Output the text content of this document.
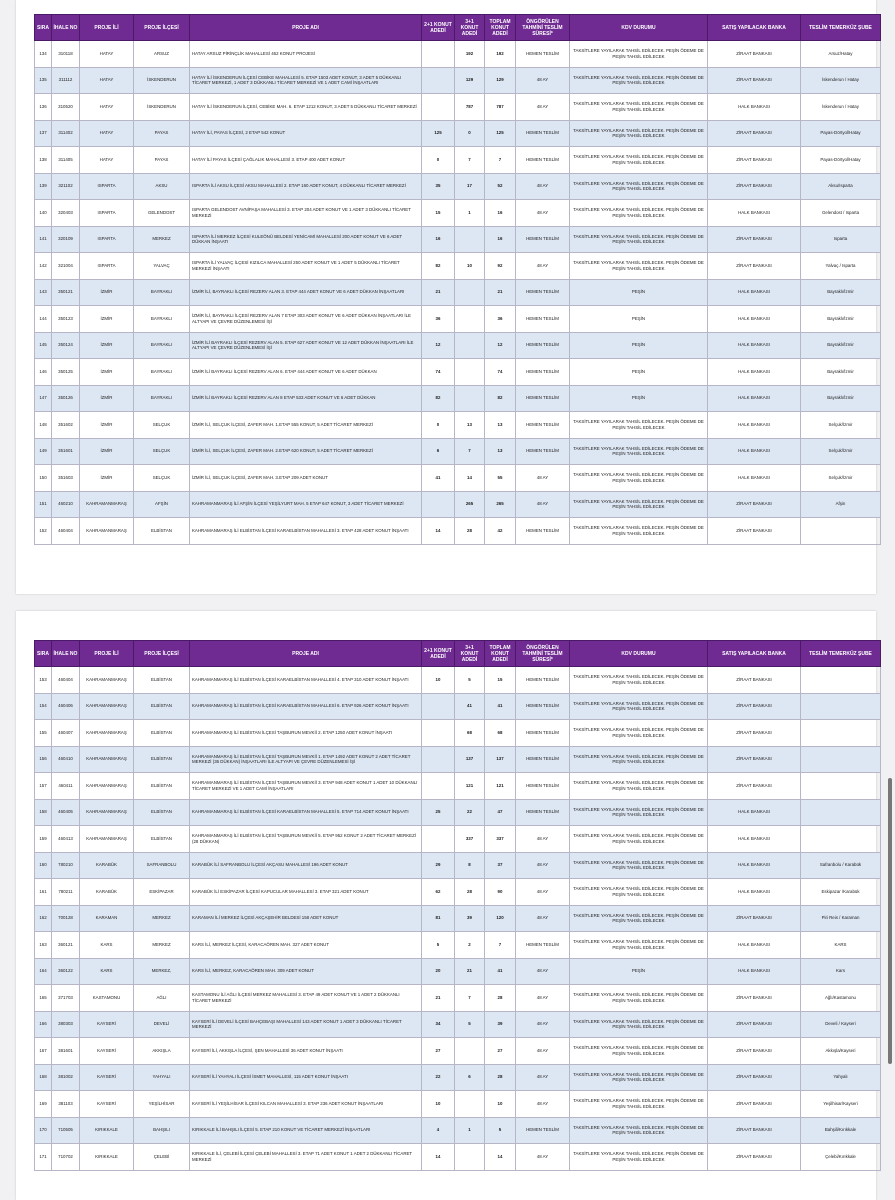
SIRA	İHALE NO	PROJE İLİ	PROJE İLÇESİ	PROJE ADI	2+1 KONUT ADEDİ	3+1 KONUT ADEDİ	TOPLAM KONUT ADEDİ	ÖNGÖRÜLEN TAHMİNİ TESLİM SÜRESİ*	KDV DURUMU	SATIŞ YAPILACAK BANKA	TESLİM TEMERKÜZ ŞUBE
134	310118	HATAY	ARSUZ	HATAY ARSUZ PİRİNÇLİK MAHALLESİ 462 KONUT PROJESİ		192	192	HEMEN TESLİM	TAKSİTLERE YAYILARAK TAHSİL EDİLECEK. PEŞİN ÖDEME DE PEŞİN TAHSİL EDİLECEK	ZİRAAT BANKASI	Arsuz/Hatay
135	311112	HATAY	İSKENDERUN	HATAY İLİ İSKENDERUN İLÇESİ CEBİKE MAHALLESİ 5. ETAP 1503 ADET KONUT, 3 ADET 5 DÜKKANLI TİCARET MERKEZİ, 1 ADET 3 DÜKKANLI TİCARET MERKEZİ VE 1 ADET CAMİ İNŞAATLARI		129	129	48 AY	TAKSİTLERE YAYILARAK TAHSİL EDİLECEK. PEŞİN ÖDEME DE PEŞİN TAHSİL EDİLECEK	ZİRAAT BANKASI	İskenderun / Hatay
136	310520	HATAY	İSKENDERUN	HATAY İLİ İSKENDERUN İLÇESİ, CEBİKE MAH. 6. ETAP 1212 KONUT, 3 ADET 5 DÜKKANLI TİCARET MERKEZİ		787	787	48 AY	TAKSİTLERE YAYILARAK TAHSİL EDİLECEK. PEŞİN ÖDEME DE PEŞİN TAHSİL EDİLECEK	HALK BANKASI	İskenderun / Hatay
137	311402	HATAY	PAYAS	HATAY İLİ, PAYAS İLÇESİ, 2 ETAP 542 KONUT	125	0	125	HEMEN TESLİM	TAKSİTLERE YAYILARAK TAHSİL EDİLECEK. PEŞİN ÖDEME DE PEŞİN TAHSİL EDİLECEK	ZİRAAT BANKASI	Payas-Dörtyol/Hatay
138	311405	HATAY	PAYAS	HATAY İLİ PAYAS İLÇESİ ÇAĞLALIK MAHALLESİ 3. ETAP 400 ADET KONUT	0	7	7	HEMEN TESLİM	TAKSİTLERE YAYILARAK TAHSİL EDİLECEK. PEŞİN ÖDEME DE PEŞİN TAHSİL EDİLECEK	ZİRAAT BANKASI	Payas-Dörtyol/Hatay
139	321102	ISPARTA	AKSU	ISPARTA İLİ AKSU İLÇESİ AKSU MAHALLESİ 2. ETAP 160 ADET KONUT, 4 DÜKKANLI TİCARET MERKEZİ	35	17	52	48 AY	TAKSİTLERE YAYILARAK TAHSİL EDİLECEK. PEŞİN ÖDEME DE PEŞİN TAHSİL EDİLECEK	ZİRAAT BANKASI	Aksu/Isparta
140	320403	ISPARTA	GELENDOST	ISPARTA GELENDOST AVNİPAŞA MAHALLESİ 3. ETAP 204 ADET KONUT VE 1 ADET 3 DÜKKANLI TİCARET MERKEZİ	15	1	16	48 AY	TAKSİTLERE YAYILARAK TAHSİL EDİLECEK. PEŞİN ÖDEME DE PEŞİN TAHSİL EDİLECEK	HALK BANKASI	Gelendost / Isparta
141	320109	ISPARTA	MERKEZ	ISPARTA İLİ MERKEZ İLÇESİ KULEÖNÜ BELDESİ YENİCAMİ MAHALLESİ 200 ADET KONUT VE 6 ADET DÜKKAN İNŞAATI	16		16	HEMEN TESLİM	TAKSİTLERE YAYILARAK TAHSİL EDİLECEK. PEŞİN ÖDEME DE PEŞİN TAHSİL EDİLECEK	ZİRAAT BANKASI	Isparta
142	321004	ISPARTA	YALVAÇ	ISPARTA İLİ YALVAÇ İLÇESİ KIZILCA MAHALLESİ 250 ADET KONUT VE 1 ADET 5 DÜKKANLI TİCARET MERKEZİ İNŞAATI	82	10	92	48 AY	TAKSİTLERE YAYILARAK TAHSİL EDİLECEK. PEŞİN ÖDEME DE PEŞİN TAHSİL EDİLECEK	ZİRAAT BANKASI	Yalvaç / Isparta
143	350121	İZMİR	BAYRAKLI	İZMİR İLİ, BAYRAKLI İLÇESİ REZERV ALAN 3. ETAP 444 ADET KONUT VE 6 ADET DÜKKAN İNŞAATLARI	21		21	HEMEN TESLİM	PEŞİN	HALK BANKASI	Bayraklı/İzmir
144	350123	İZMİR	BAYRAKLI	İZMİR İLİ, BAYRAKLI İLÇESİ REZERV ALAN 7 ETAP 303 ADET KONUT VE 6 ADET DÜKKAN İNŞAATLARI İLE ALTYAPI VE ÇEVRE DÜZENLEMESİ İŞİ	36		36	HEMEN TESLİM	PEŞİN	HALK BANKASI	Bayraklı/İzmir
145	350124	İZMİR	BAYRAKLI	İZMİR İLİ BAYRAKLI İLÇESİ REZERV ALAN 5. ETAP 627 ADET KONUT VE 12 ADET DÜKKAN İNŞAATLARI İLE ALTYAPI VE ÇEVRE DÜZENLEMESİ İŞİ	12		12	HEMEN TESLİM	PEŞİN	HALK BANKASI	Bayraklı/İzmir
146	350125	İZMİR	BAYRAKLI	İZMİR İLİ BAYRAKLI İLÇESİ REZERV ALAN 6. ETAP 444 ADET KONUT VE 6 ADET DÜKKAN	74		74	HEMEN TESLİM	PEŞİN	HALK BANKASI	Bayraklı/İzmir
147	350126	İZMİR	BAYRAKLI	İZMİR İLİ BAYRAKLI İLÇESİ REZERV ALAN 8 ETAP 533 ADET KONUT VE 6 ADET DÜKKAN	82		82	HEMEN TESLİM	PEŞİN	HALK BANKASI	Bayraklı/İzmir
148	351602	İZMİR	SELÇUK	İZMİR İLİ, SELÇUK İLÇESİ, ZAFER MAH. 1.ETAP 555 KONUT, 5 ADET TİCARET MERKEZİ	0	13	13	HEMEN TESLİM	TAKSİTLERE YAYILARAK TAHSİL EDİLECEK. PEŞİN ÖDEME DE PEŞİN TAHSİL EDİLECEK	HALK BANKASI	Selçuk/İzmir
149	351601	İZMİR	SELÇUK	İZMİR İLİ, SELÇUK İLÇESİ, ZAFER MAH. 2.ETAP 620 KONUT, 5 ADET TİCARET MERKEZİ	6	7	13	HEMEN TESLİM	TAKSİTLERE YAYILARAK TAHSİL EDİLECEK. PEŞİN ÖDEME DE PEŞİN TAHSİL EDİLECEK	HALK BANKASI	Selçuk/İzmir
150	351603	İZMİR	SELÇUK	İZMİR İLİ, SELÇUK İLÇESİ, ZAFER MAH. 3.ETAP 209 ADET KONUT	41	14	55	48 AY	TAKSİTLERE YAYILARAK TAHSİL EDİLECEK. PEŞİN ÖDEME DE PEŞİN TAHSİL EDİLECEK	HALK BANKASI	Selçuk/İzmir
151	460210	KAHRAMANMARAŞ	AFŞİN	KAHRAMANMARAŞ İLİ AFŞİN İLÇESİ YEŞİLYURT MAH. 5 ETAP 647 KONUT, 3 ADET TİCARET MERKEZİ		265	265	48 AY	TAKSİTLERE YAYILARAK TAHSİL EDİLECEK. PEŞİN ÖDEME DE PEŞİN TAHSİL EDİLECEK	ZİRAAT BANKASI	Afşin
152	460404	KAHRAMANMARAŞ	ELBİSTAN	KAHRAMANMARAŞ İLİ ELBİSTAN İLÇESİ KARAELBİSTAN MAHALLESİ 3. ETAP 428 ADET KONUT İNŞAATI	14	28	42	HEMEN TESLİM	TAKSİTLERE YAYILARAK TAHSİL EDİLECEK. PEŞİN ÖDEME DE PEŞİN TAHSİL EDİLECEK	ZİRAAT BANKASI	
SIRA	İHALE NO	PROJE İLİ	PROJE İLÇESİ	PROJE ADI	2+1 KONUT ADEDİ	3+1 KONUT ADEDİ	TOPLAM KONUT ADEDİ	ÖNGÖRÜLEN TAHMİNİ TESLİM SÜRESİ*	KDV DURUMU	SATIŞ YAPILACAK BANKA	TESLİM TEMERKÜZ ŞUBE
153	460404	KAHRAMANMARAŞ	ELBİSTAN	KAHRAMANMARAŞ İLİ ELBİSTAN İLÇESİ KARAELBİSTAN MAHALLESİ 4. ETAP 310 ADET KONUT İNŞAATI	10	5	15	HEMEN TESLİM	TAKSİTLERE YAYILARAK TAHSİL EDİLECEK. PEŞİN ÖDEME DE PEŞİN TAHSİL EDİLECEK	ZİRAAT BANKASI	
154	460406	KAHRAMANMARAŞ	ELBİSTAN	KAHRAMANMARAŞ İLİ ELBİSTAN İLÇESİ KARAELBİSTAN MAHALLESİ 6. ETAP 926 ADET KONUT İNŞAATI		41	41	HEMEN TESLİM	TAKSİTLERE YAYILARAK TAHSİL EDİLECEK. PEŞİN ÖDEME DE PEŞİN TAHSİL EDİLECEK	ZİRAAT BANKASI	
155	460407	KAHRAMANMARAŞ	ELBİSTAN	KAHRAMANMARAŞ İLİ ELBİSTAN İLÇESİ TAŞBURUN MEVKİİ 2. ETAP 1250 ADET KONUT İNŞAATI		68	68	HEMEN TESLİM	TAKSİTLERE YAYILARAK TAHSİL EDİLECEK. PEŞİN ÖDEME DE PEŞİN TAHSİL EDİLECEK	ZİRAAT BANKASI	
156	460410	KAHRAMANMARAŞ	ELBİSTAN	KAHRAMANMARAŞ İLİ ELBİSTAN İLÇESİ TAŞBURUN MEVKİİ 1. ETAP 1492 ADET KONUT 2 ADET TİCARET MERKEZİ (36 DÜKKAN) İNŞAATLARI İLE ALTYAPI VE ÇEVRE DÜZENLEMESİ İŞİ		137	137	HEMEN TESLİM	TAKSİTLERE YAYILARAK TAHSİL EDİLECEK. PEŞİN ÖDEME DE PEŞİN TAHSİL EDİLECEK	ZİRAAT BANKASI	
157	460411	KAHRAMANMARAŞ	ELBİSTAN	KAHRAMANMARAŞ İLİ ELBİSTAN İLÇESİ TAŞBURUN MEVKİİ 3. ETAP 948 ADET KONUT 1 ADET 10 DÜKKANLI TİCARET MERKEZİ VE 1 ADET CAMİ İNŞAATLARI		121	121	HEMEN TESLİM	TAKSİTLERE YAYILARAK TAHSİL EDİLECEK. PEŞİN ÖDEME DE PEŞİN TAHSİL EDİLECEK	ZİRAAT BANKASI	
158	460405	KAHRAMANMARAŞ	ELBİSTAN	KAHRAMANMARAŞ İLİ ELBİSTAN İLÇESİ KARAELBİSTAN MAHALLESİ 5. ETAP 714 ADET KONUT İNŞAATI	25	22	47	HEMEN TESLİM	TAKSİTLERE YAYILARAK TAHSİL EDİLECEK. PEŞİN ÖDEME DE PEŞİN TAHSİL EDİLECEK	HALK BANKASI	
159	460413	KAHRAMANMARAŞ	ELBİSTAN	KAHRAMANMARAŞ İLİ ELBİSTAN İLÇESİ TAŞBURUN MEVKİİ 5. ETAP 952 KONUT 2 ADET TİCARET MERKEZİ (28 DÜKKAN)		337	337	48 AY	TAKSİTLERE YAYILARAK TAHSİL EDİLECEK. PEŞİN ÖDEME DE PEŞİN TAHSİL EDİLECEK	HALK BANKASI	
160	780210	KARABÜK	SAFRANBOLU	KARABÜK İLİ SAFRANBOLU İLÇESİ AKÇASU MAHALLESİ 196 ADET KONUT	29	8	37	48 AY	TAKSİTLERE YAYILARAK TAHSİL EDİLECEK. PEŞİN ÖDEME DE PEŞİN TAHSİL EDİLECEK	HALK BANKASI	Safranbolu / Karabük
161	780211	KARABÜK	ESKİPAZAR	KARABÜK İLİ ESKİPAZAR İLÇESİ KAPUCULAR MAHALLESİ 3. ETAP 321 ADET KONUT	62	28	90	48 AY	TAKSİTLERE YAYILARAK TAHSİL EDİLECEK. PEŞİN ÖDEME DE PEŞİN TAHSİL EDİLECEK	HALK BANKASI	Eskipazar /Karabük
162	700128	KARAMAN	MERKEZ	KARAMAN İLİ MERKEZ İLÇESİ AKÇAŞEHİR BELDESİ 158 ADET KONUT	81	39	120	48 AY	TAKSİTLERE YAYILARAK TAHSİL EDİLECEK. PEŞİN ÖDEME DE PEŞİN TAHSİL EDİLECEK	ZİRAAT BANKASI	Piri Reis / Karaman
163	360121	KARS	MERKEZ	KARS İLİ, MERKEZ İLÇESİ, KARACAÖREN MAH. 327 ADET KONUT	5	2	7	HEMEN TESLİM	TAKSİTLERE YAYILARAK TAHSİL EDİLECEK. PEŞİN ÖDEME DE PEŞİN TAHSİL EDİLECEK	HALK BANKASI	KARS
164	360122	KARS	MERKEZ,	KARS İLİ, MERKEZ, KARACAÖREN MAH. 309 ADET KONUT	20	21	41	48 AY	PEŞİN	HALK BANKASI	Kars
165	371703	KASTAMONU	AĞLI	KASTAMONU İLİ AĞLI İLÇESİ MERKEZ MAHALLESİ 3. ETAP 49 ADET KONUT VE 1 ADET 2 DÜKKANLI TİCARET MERKEZİ	21	7	28	48 AY	TAKSİTLERE YAYILARAK TAHSİL EDİLECEK. PEŞİN ÖDEME DE PEŞİN TAHSİL EDİLECEK	ZİRAAT BANKASI	Ağlı/Kastamonu
166	380303	KAYSERİ	DEVELİ	KAYSERİ İLİ DEVELİ İLÇESİ BAHÇEBAŞI MAHALLESİ 143 ADET KONUT 1 ADET 3 DÜKKANLI TİCARET MERKEZİ	34	5	39	48 AY	TAKSİTLERE YAYILARAK TAHSİL EDİLECEK. PEŞİN ÖDEME DE PEŞİN TAHSİL EDİLECEK	ZİRAAT BANKASI	Develi / Kayseri
167	381601	KAYSERİ	AKKIŞLA	KAYSERİ İLİ, AKKIŞLA İLÇESİ, ŞEN MAHALLESİ 36 ADET KONUT İNŞAATI	27		27	48 AY	TAKSİTLERE YAYILARAK TAHSİL EDİLECEK. PEŞİN ÖDEME DE PEŞİN TAHSİL EDİLECEK	ZİRAAT BANKASI	Akkışla/Kayseri
168	381002	KAYSERİ	YAHYALI	KAYSERİ İLİ YAHYALI İLÇESİ İSMET MAHALLESİ, 115 ADET KONUT İNŞAATI	22	6	28	48 AY	TAKSİTLERE YAYILARAK TAHSİL EDİLECEK. PEŞİN ÖDEME DE PEŞİN TAHSİL EDİLECEK	ZİRAAT BANKASI	Yahyalı
169	381103	KAYSERİ	YEŞİLHİSAR	KAYSERİ İLİ YEŞİLHİSAR İLÇESİ KILCAN MAHALLESİ 3. ETAP 236 ADET KONUT İNŞAATLARI	10		10	48 AY	TAKSİTLERE YAYILARAK TAHSİL EDİLECEK. PEŞİN ÖDEME DE PEŞİN TAHSİL EDİLECEK	ZİRAAT BANKASI	Yeşilhisar/Kayseri
170	710505	KIRIKKALE	BAHŞILI	KIRIKKALE İLİ BAHŞILI İLÇESİ 5. ETAP 210 KONUT VE TİCARET MERKEZİ İNŞAATLARI	4	1	5	HEMEN TESLİM	TAKSİTLERE YAYILARAK TAHSİL EDİLECEK. PEŞİN ÖDEME DE PEŞİN TAHSİL EDİLECEK	ZİRAAT BANKASI	Bahşili/Kırıkkale
171	710702	KIRIKKALE	ÇELEBİ	KIRIKKALE İLİ, ÇELEBİ İLÇESİ ÇELEBİ MAHALLESİ 3. ETAP 71 ADET KONUT 1 ADET 2 DÜKKANLI TİCARET MERKEZİ	14		14	48 AY	TAKSİTLERE YAYILARAK TAHSİL EDİLECEK. PEŞİN ÖDEME DE PEŞİN TAHSİL EDİLECEK	ZİRAAT BANKASI	Çelebi/Kırıkkale
